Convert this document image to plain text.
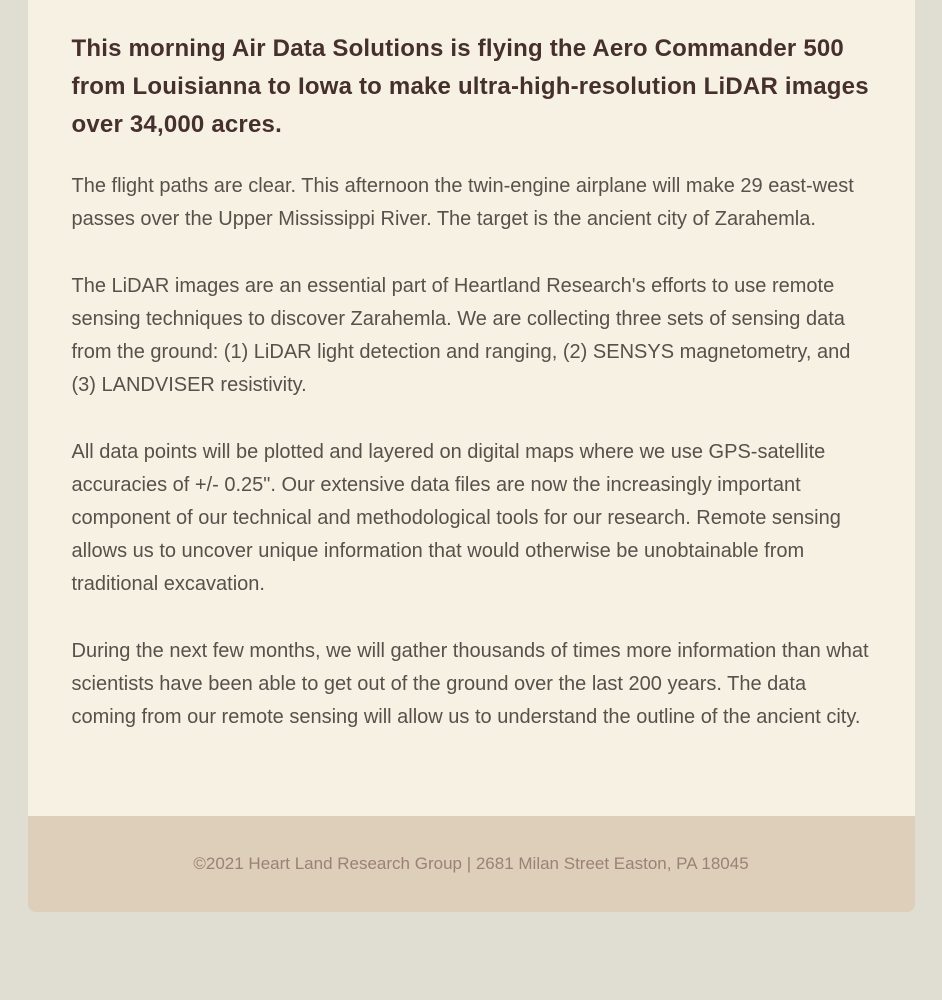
This morning Air Data Solutions is flying the Aero Commander 500 from Louisianna to Iowa to make ultra-high-resolution LiDAR images over 34,000 acres.

The flight paths are clear. This afternoon the twin-engine airplane will make 29 east-west passes over the Upper Mississippi River. The target is the ancient city of Zarahemla.

The LiDAR images are an essential part of Heartland Research's efforts to use remote sensing techniques to discover Zarahemla. We are collecting three sets of sensing data from the ground: (1) LiDAR light detection and ranging, (2) SENSYS magnetometry, and (3) LANDVISER resistivity.

All data points will be plotted and layered on digital maps where we use GPS-satellite accuracies of +/- 0.25". Our extensive data files are now the increasingly important component of our technical and methodological tools for our research. Remote sensing allows us to uncover unique information that would otherwise be unobtainable from traditional excavation.

During the next few months, we will gather thousands of times more information than what scientists have been able to get out of the ground over the last 200 years. The data coming from our remote sensing will allow us to understand the outline of the ancient city.

©2021 Heart Land Research Group | 2681 Milan Street Easton, PA 18045
